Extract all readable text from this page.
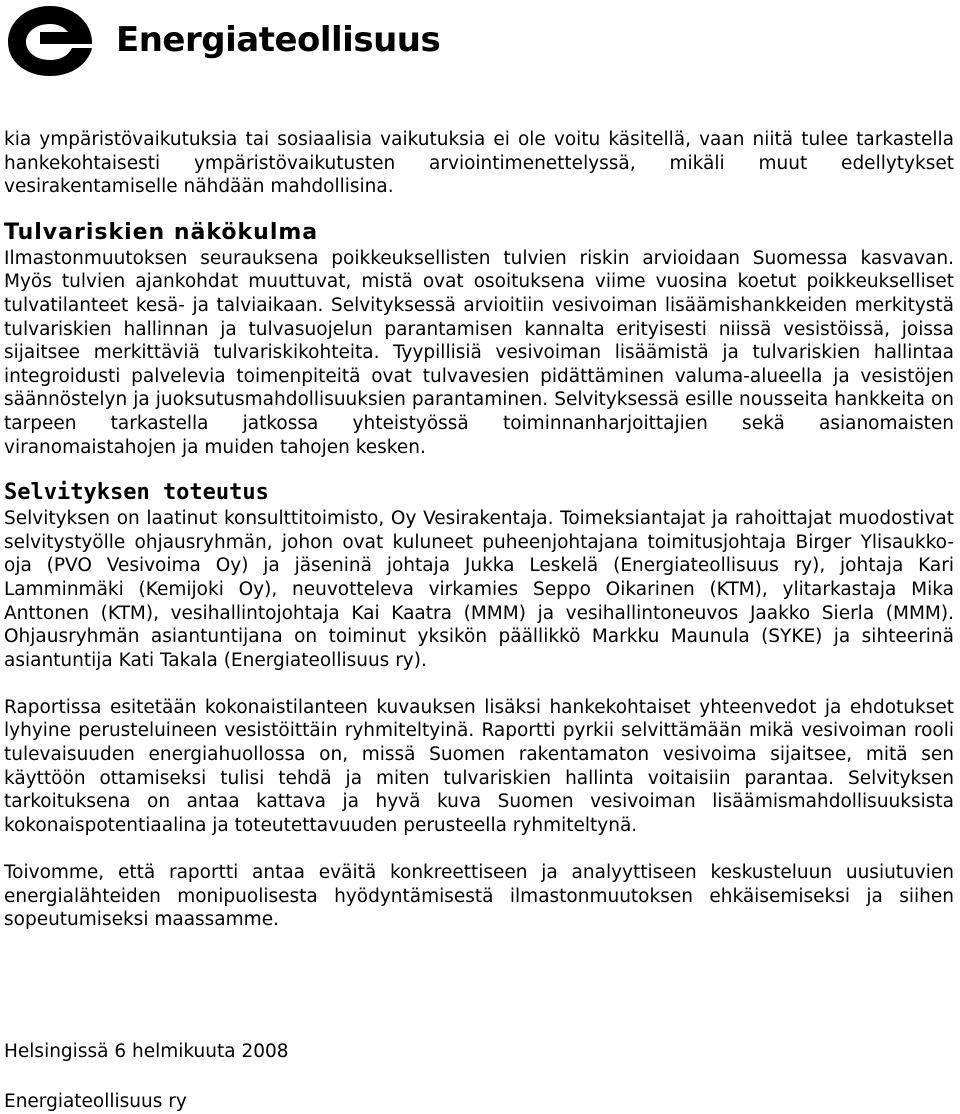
Energiateollisuus

kia ympäristövaikutuksia tai sosiaalisia vaikutuksia ei ole voitu käsitellä, vaan niitä tulee tarkastella hankekohtaisesti ympäristövaikutusten arviointimenettelyssä, mikäli muut edellytykset vesirakentamiselle nähdään mahdollisina.

Tulvariskien näkökulma

Ilmastonmuutoksen seurauksena poikkeuksellisten tulvien riskin arvioidaan Suomessa kasvavan. Myös tulvien ajankohdat muuttuvat, mistä ovat osoituksena viime vuosina koetut poikkeukselliset tulvatilanteet kesä- ja talviaikaan. Selvityksessä arvioitiin vesivoiman lisäämishankkeiden merkitystä tulvariskien hallinnan ja tulvasuojelun parantamisen kannalta erityisesti niissä vesistöissä, joissa sijaitsee merkittäviä tulvariskikohteita. Tyypillisiä vesivoiman lisäämistä ja tulvariskien hallintaa integroidusti palvelevia toimenpiteitä ovat tulvavesien pidättäminen valuma-alueella ja vesistöjen säännöstelyn ja juoksutusmahdollisuuksien parantaminen. Selvityksessä esille nousseita hankkeita on tarpeen tarkastella jatkossa yhteistyössä toiminnanharjoittajien sekä asianomaisten viranomaistahojen ja muiden tahojen kesken.

Selvityksen toteutus

Selvityksen on laatinut konsulttitoimisto, Oy Vesirakentaja. Toimeksiantajat ja rahoittajat muodostivat selvitystyölle ohjausryhmän, johon ovat kuluneet puheenjohtajana toimitusjohtaja Birger Ylisaukko-oja (PVO Vesivoima Oy) ja jäseninä johtaja Jukka Leskelä (Energiateollisuus ry), johtaja Kari Lamminmäki (Kemijoki Oy), neuvotteleva virkamies Seppo Oikarinen (KTM), ylitarkastaja Mika Anttonen (KTM), vesihallintojohtaja Kai Kaatra (MMM) ja vesihallintoneuvos Jaakko Sierla (MMM). Ohjausryhmän asiantuntijana on toiminut yksikön päällikkö Markku Maunula (SYKE) ja sihteerinä asiantuntija Kati Takala (Energiateollisuus ry).

Raportissa esitetään kokonaistilanteen kuvauksen lisäksi hankekohtaiset yhteenvedot ja ehdotukset lyhyine perusteluineen vesistöittäin ryhmiteltyinä. Raportti pyrkii selvittämään mikä vesivoiman rooli tulevaisuuden energiahuollossa on, missä Suomen rakentamaton vesivoima sijaitsee, mitä sen käyttöön ottamiseksi tulisi tehdä ja miten tulvariskien hallinta voitaisiin parantaa. Selvityksen tarkoituksena on antaa kattava ja hyvä kuva Suomen vesivoiman lisäämismahdollisuuksista kokonaispotentiaalina ja toteutettavuuden perusteella ryhmiteltynä.

Toivomme, että raportti antaa eväitä konkreettiseen ja analyyttiseen keskusteluun uusiutuvien energialähteiden monipuolisesta hyödyntämisestä ilmastonmuutoksen ehkäisemiseksi ja siihen sopeutumiseksi maassamme.

Helsingissä 6 helmikuuta 2008
Energiateollisuus ry
